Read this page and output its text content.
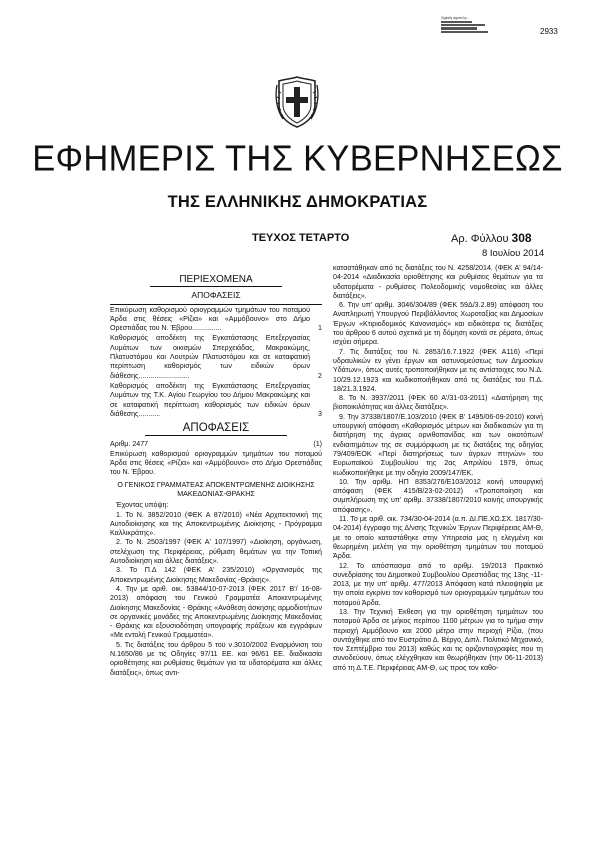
2933
Digitally signed by ...
ΕΦΗΜΕΡΙΣ ΤΗΣ ΚΥΒΕΡΝΗΣΕΩΣ
ΤΗΣ ΕΛΛΗΝΙΚΗΣ ΔΗΜΟΚΡΑΤΙΑΣ
ΤΕΥΧΟΣ ΤΕΤΑΡΤΟ	Αρ. Φύλλου 308
8 Ιουλίου 2014
ΠΕΡΙΕΧΟΜΕΝΑ
ΑΠΟΦΑΣΕΙΣ
Επικύρωση καθορισμού οριογραμμών τμημάτων του ποταμού Άρδα στις θέσεις «Ρίζια» και «Αμμόβουνο» στο Δήμο Ορεστιάδας του Ν. Έβρου...............	1
Καθορισμός αποδέκτη της Εγκατάστασης Επεξεργασίας Λυμάτων των οικισμών Σπερχειάδας, Μακρακώμης, Πλατυστόμου και Λουτρών Πλατυστόμου και σε καταφατική περίπτωση καθορισμός των ειδικών όρων διάθεσης..........................	2
Καθορισμός αποδέκτη της Εγκατάστασης Επεξεργασίας Λυμάτων της Τ.Κ. Αγίου Γεωργίου του Δήμου Μακρακώμης και σε καταφατική περίπτωση καθορισμός των ειδικών όρων διάθεσης...........	3
ΑΠΟΦΑΣΕΙΣ
Αριθμ. 2477	(1)

Επικύρωση καθορισμού οριογραμμών τμημάτων του ποταμού Άρδα στις θέσεις «Ρίζια» και «Αμμόβουνο» στο Δήμο Ορεστιάδας του Ν. Έβρου.

Ο ΓΕΝΙΚΟΣ ΓΡΑΜΜΑΤΕΑΣ ΑΠΟΚΕΝΤΡΩΜΕΝΗΣ ΔΙΟΙΚΗΣΗΣ ΜΑΚΕΔΟΝΙΑΣ-ΘΡΑΚΗΣ

Έχοντας υπόψη:

1. Το Ν. 3852/2010 (ΦΕΚ Α 87/2010) «Νέα Αρχιτεκτονική της Αυτοδιοίκησης και της Αποκεντρωμένης Διοίκησης - Πρόγραμμα Καλλικράτης».

2. Το Ν. 2503/1997 (ΦΕΚ Α' 107/1997) «Διοίκηση, οργάνωση, στελέχωση της Περιφέρειας, ρύθμιση θεμάτων για την Τοπική Αυτοδιοίκηση και άλλες διατάξεις».

3. Το Π.Δ 142 (ΦΕΚ Α' 235/2010) «Οργανισμός της Αποκεντρωμένης Διοίκησης Μακεδονίας -Θράκης».

4. Την με αριθ. οικ. 53844/10-07-2013 (ΦΕΚ 2017 Β'/ 16-08-2013) απόφαση του Γενικού Γραμματέα Αποκεντρωμένης Διοίκησης Μακεδονίας - Θράκης «Ανάθεση άσκησης αρμοδιοτήτων σε οργανικές μονάδες της Αποκεντρωμένης Διοίκησης Μακεδονίας - Θράκης και εξουσιοδότηση υπογραφής πράξεων και εγγράφων «Με εντολή Γενικού Γραμματέα».

5. Τις διατάξεις του άρθρου 5 του ν.3010/2002 Εναρμόνιση του Ν.1650/86 με τις Οδηγίες 97/11 ΕΕ. και 96/61 ΕΕ. διαδικασία οριοθέτησης και ρυθμίσεις θεμάτων για τα υδατορέματα και άλλες διατάξεις», όπως αντι-

καταστάθηκαν από τις διατάξεις του Ν. 4258/2014. (ΦΕΚ Α' 94/14-04-2014 «Διαδικασία οριοθέτησης και ρυθμίσεις θεμάτων για τα υδατορέματα - ρυθμίσεις Πολεοδομικής νομοθεσίας και άλλες διατάξεις».

6. Την υπ' αριθμ. 3046/304/89 (ΦΕΚ 59Δ/3.2.89) απόφαση του Αναπληρωτή Υπουργού Περιβάλλοντος Χωροταξίας και Δημοσίων Έργων «Κτιριοδομικός Κανονισμός» και ειδικότερα τις διατάξεις του άρθρου 6 αυτού σχετικά με τη δόμηση κοντά σε ρέματα, όπως ισχύει σήμερα.

7. Τις διατάξεις του Ν. 2853/16.7.1922 (ΦΕΚ Α116) «Περί υδραυλικών εν γένει έργων και αστυνομεύσεως των Δημοσίων Υδάτων», όπως αυτές τροποποιήθηκαν με τις αντίστοιχες του Ν.Δ. 10/29.12.1923 και κωδικοποιήθηκαν από τις διατάξεις του Π.Δ. 18/21.3.1924.

8. Το Ν. 3937/2011 (ΦΕΚ 60 Α'/31-03-2011) «Διατήρηση της βιοποικιλότητας και άλλες διατάξεις».

9. Την 37338/1807/Ε.103/2010 (ΦΕΚ Β' 1495/06-09-2010) κοινή υπουργική απόφαση «Καθορισμός μέτρων και διαδικασιών για τη διατήρηση της άγριας ορνιθοπανίδας και των οικοτόπων/ενδιαιτημάτων της σε συμμόρφωση με τις διατάξεις της οδηγίας 79/409/ΕΟΚ «Περί διατηρήσεως των άγριων πτηνών» του Ευρωπαϊκού Συμβουλίου της 2ας Απριλίου 1979, όπως κωδικοποιήθηκε με την οδηγία 2009/147/ΕΚ.

10. Την αριθμ. ΗΠ 8353/276/Ε103/2012 κοινή υπουργική απόφαση (ΦΕΚ 415/Β/23-02-2012) «Τροποποίηση και συμπλήρωση της υπ' αριθμ. 37338/1807/2010 κοινής υπουργικής απόφασης».

11. Το με αριθ. οικ. 734/30-04-2014 (α.π. ΔΙ.ΠΕ.ΧΩ.ΣΧ. 1817/30-04-2014) έγγραφο της Δ/νσης Τεχνικών Έργων Περιφέρειας ΑΜ-Θ, με το οποίο καταστάθηκε στην Υπηρεσία μας η ελεγμένη και θεωρημένη μελέτη για την οριοθέτηση τμημάτων του ποταμού Άρδα.

12. Το απόσπασμα από το αριθμ. 19/2013 Πρακτικό συνεδρίασης του Δημοτικού Συμβουλίου Ορεστιάδας της 13ης -11-2013, με την υπ' αριθμ. 477/2013 Απόφαση κατά πλειοψηφία με την οποία εγκρίνει τον καθορισμό των οριογραμμών τμημάτων του ποταμού Άρδα.

13. Την Τεχνική Έκθεση για την οριοθέτηση τμημάτων του ποταμού Άρδα σε μήκος περίπου 1100 μέτρων για το τμήμα στην περιοχή Αμμόβουνο και 2000 μέτρα στην περιοχή Ρίζια, (που συντάχθηκε από τον Ευστράτιο Δ. Βέργο, Διπλ. Πολιτικό Μηχανικό, τον Σεπτέμβριο του 2013) καθώς και τις οριζοντιογραφίες που τη συνοδεύουν, όπως ελέγχθηκαν και θεωρήθηκαν (την 06-11-2013) από τη Δ.Τ.Ε. Περιφέρειας ΑΜ-Θ, ως προς τον καθο-
